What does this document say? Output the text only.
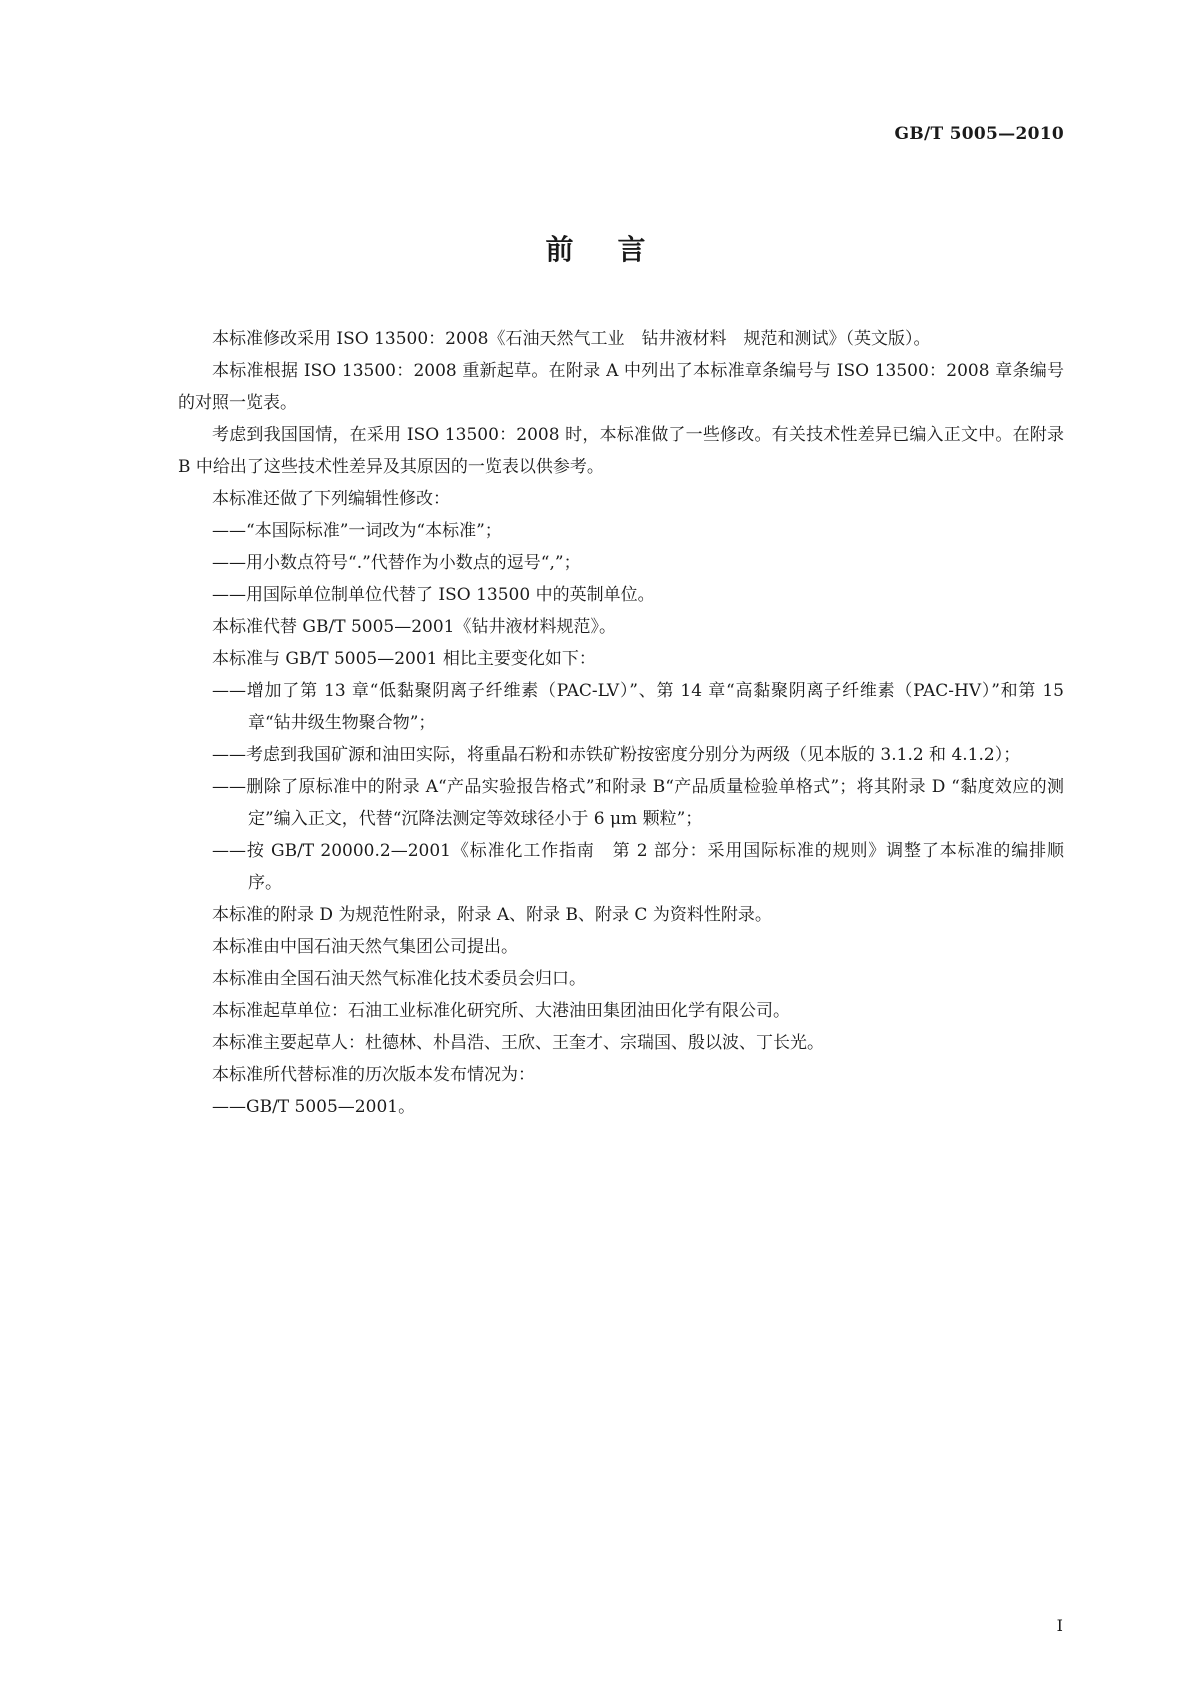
GB/T 5005—2010
前言

本标准修改采用 ISO 13500：2008《石油天然气工业　钻井液材料　规范和测试》（英文版）。

本标准根据 ISO 13500：2008 重新起草。在附录 A 中列出了本标准章条编号与 ISO 13500：2008 章条编号的对照一览表。

考虑到我国国情，在采用 ISO 13500：2008 时，本标准做了一些修改。有关技术性差异已编入正文中。在附录 B 中给出了这些技术性差异及其原因的一览表以供参考。

本标准还做了下列编辑性修改：

——“本国际标准”一词改为“本标准”；

——用小数点符号“.”代替作为小数点的逗号“,”；

——用国际单位制单位代替了 ISO 13500 中的英制单位。

本标准代替 GB/T 5005—2001《钻井液材料规范》。

本标准与 GB/T 5005—2001 相比主要变化如下：

——增加了第 13 章“低黏聚阴离子纤维素（PAC-LV）”、第 14 章“高黏聚阴离子纤维素（PAC-HV）”和第 15 章“钻井级生物聚合物”；
——考虑到我国矿源和油田实际，将重晶石粉和赤铁矿粉按密度分别分为两级（见本版的 3.1.2 和 4.1.2）；
——删除了原标准中的附录 A“产品实验报告格式”和附录 B“产品质量检验单格式”；将其附录 D “黏度效应的测定”编入正文，代替“沉降法测定等效球径小于 6 μm 颗粒”；
——按 GB/T 20000.2—2001《标准化工作指南　第 2 部分：采用国际标准的规则》调整了本标准的编排顺序。

本标准的附录 D 为规范性附录，附录 A、附录 B、附录 C 为资料性附录。

本标准由中国石油天然气集团公司提出。

本标准由全国石油天然气标准化技术委员会归口。

本标准起草单位：石油工业标准化研究所、大港油田集团油田化学有限公司。

本标准主要起草人：杜德林、朴昌浩、王欣、王奎才、宗瑞国、殷以波、丁长光。

本标准所代替标准的历次版本发布情况为：

——GB/T 5005—2001。

I
